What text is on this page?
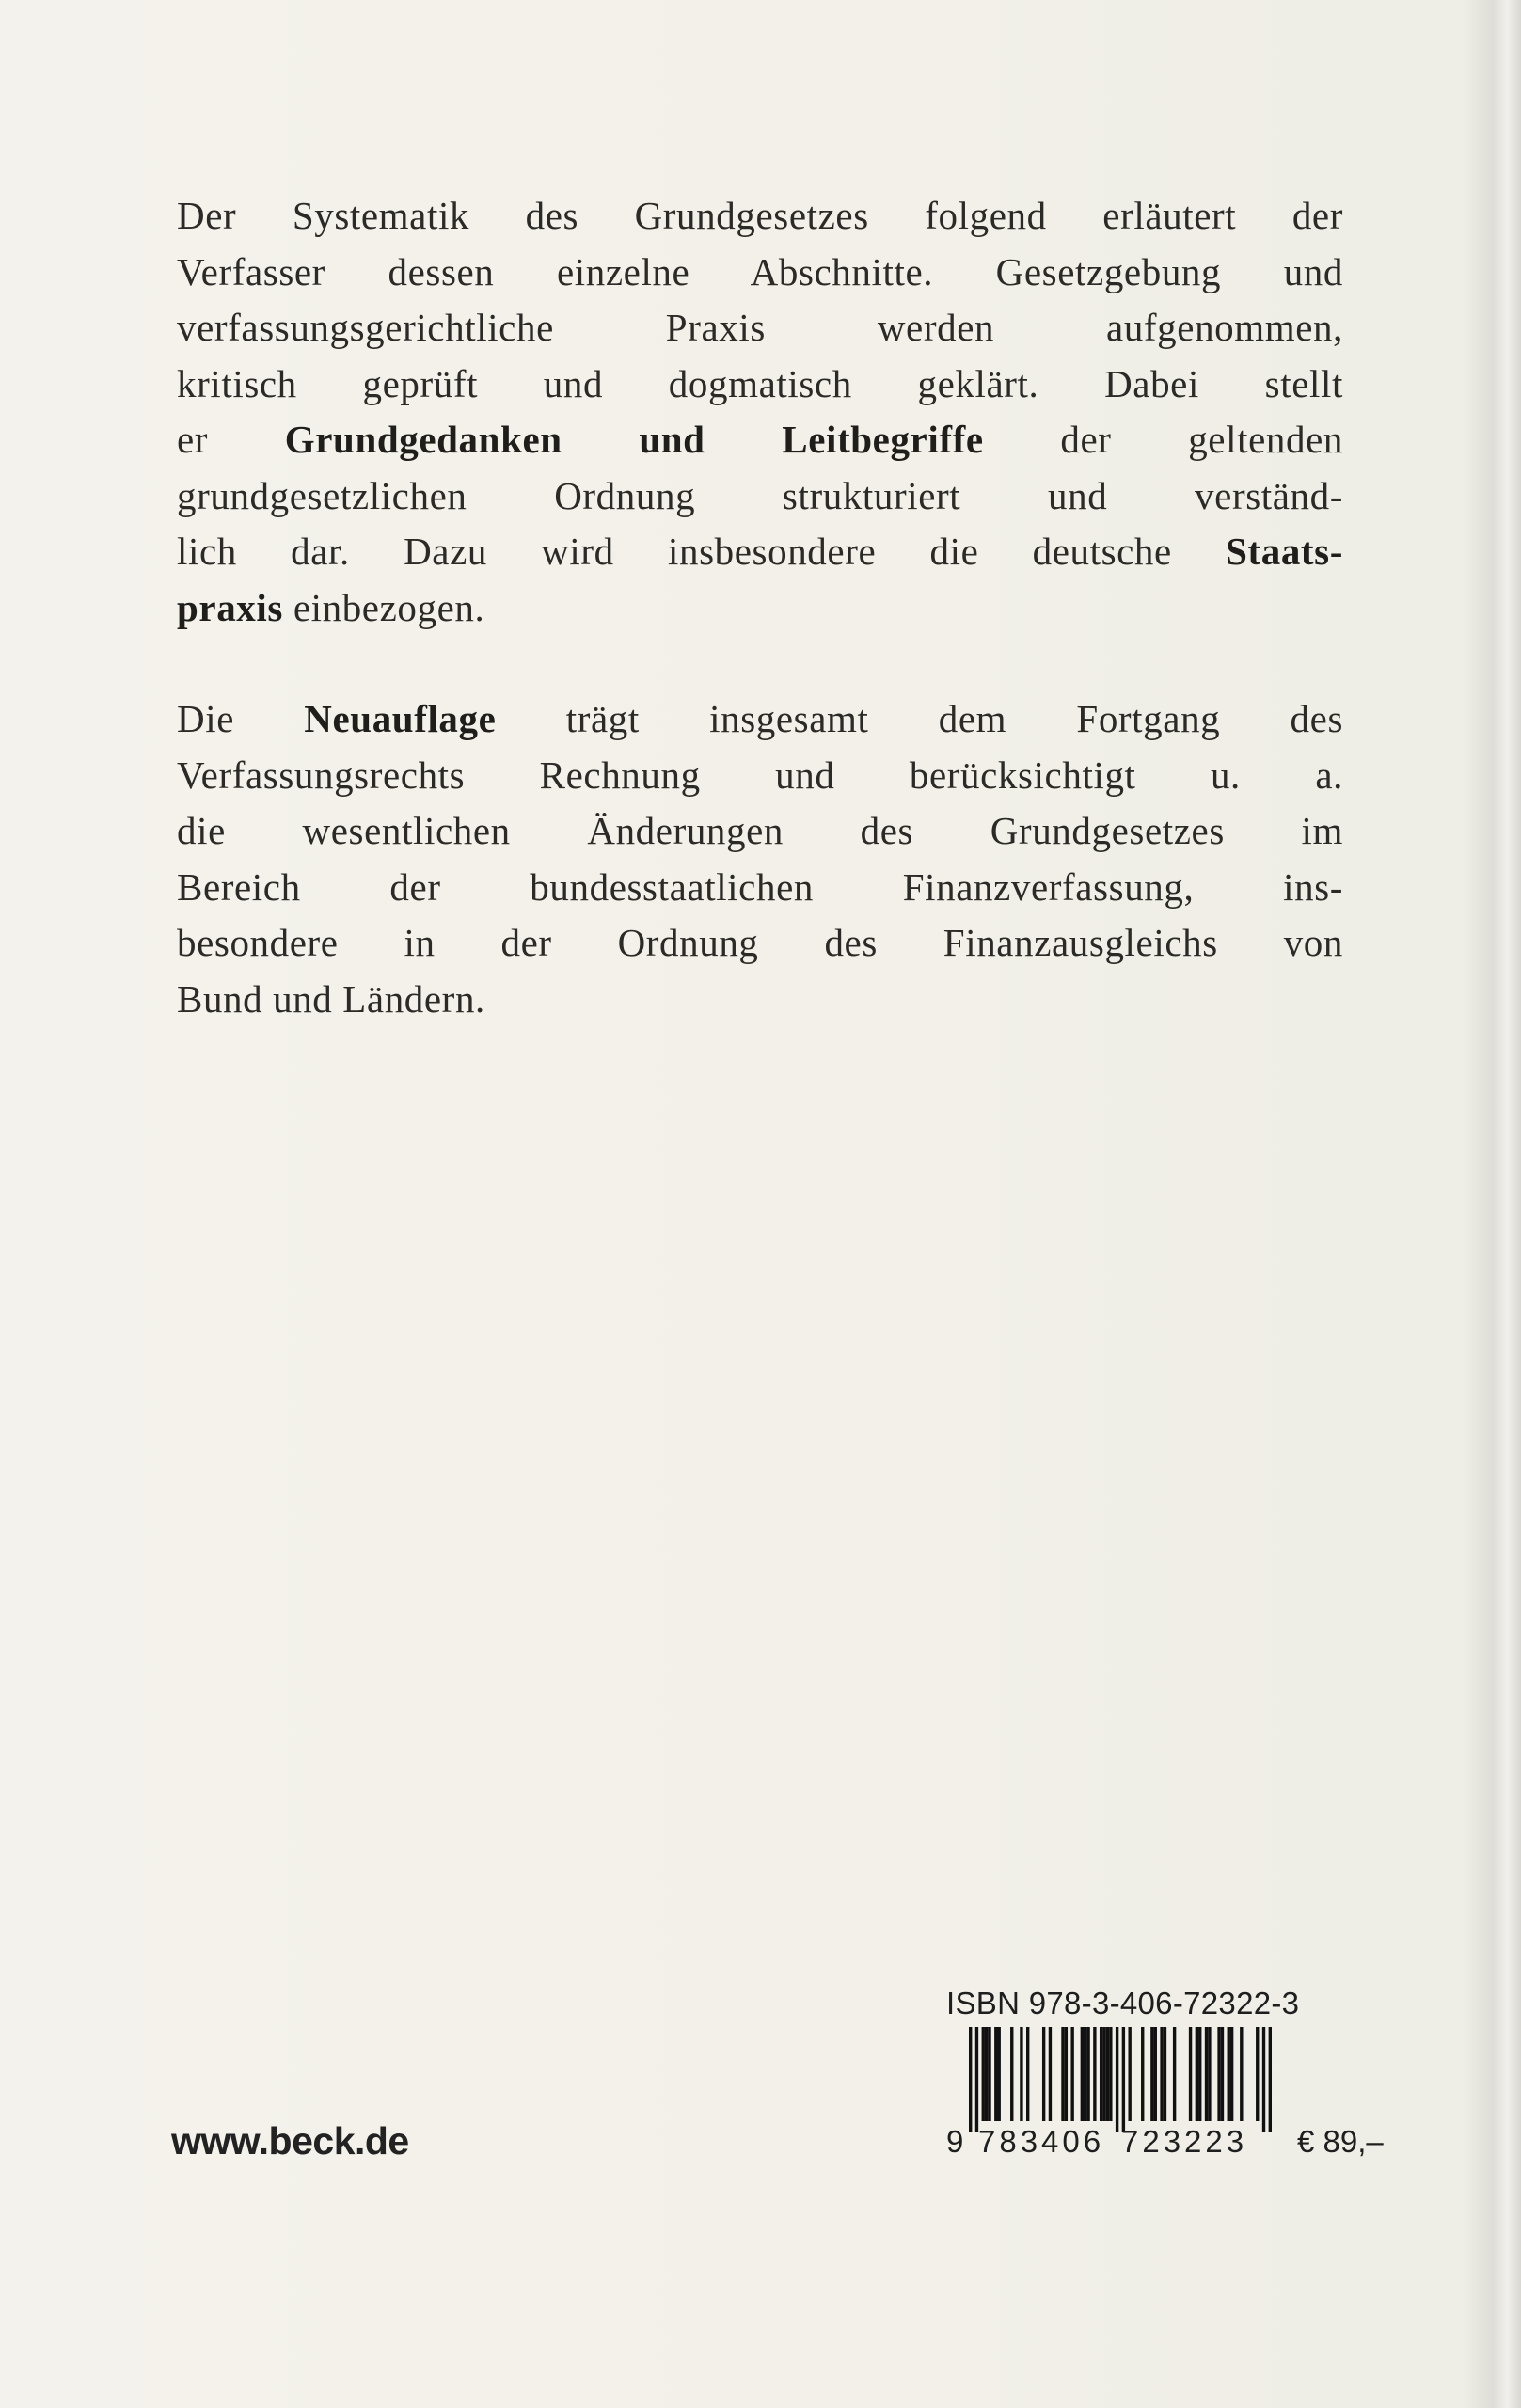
Der Systematik des Grundgesetzes folgend erläutert der
Verfasser dessen einzelne Abschnitte. Gesetzgebung und
verfassungsgerichtliche Praxis werden aufgenommen,
kritisch geprüft und dogmatisch geklärt. Dabei stellt
er Grundgedanken und Leitbegriffe der geltenden
grundgesetzlichen Ordnung strukturiert und verständ-
lich dar. Dazu wird insbesondere die deutsche Staats-
praxis einbezogen.

Die Neuauflage trägt insgesamt dem Fortgang des
Verfassungsrechts Rechnung und berücksichtigt u. a.
die wesentlichen Änderungen des Grundgesetzes im
Bereich der bundesstaatlichen Finanzverfassung, ins-
besondere in der Ordnung des Finanzausgleichs von
Bund und Ländern.

www.beck.de
ISBN 978-3-406-72322-3
9 783406 723223 € 89,–
